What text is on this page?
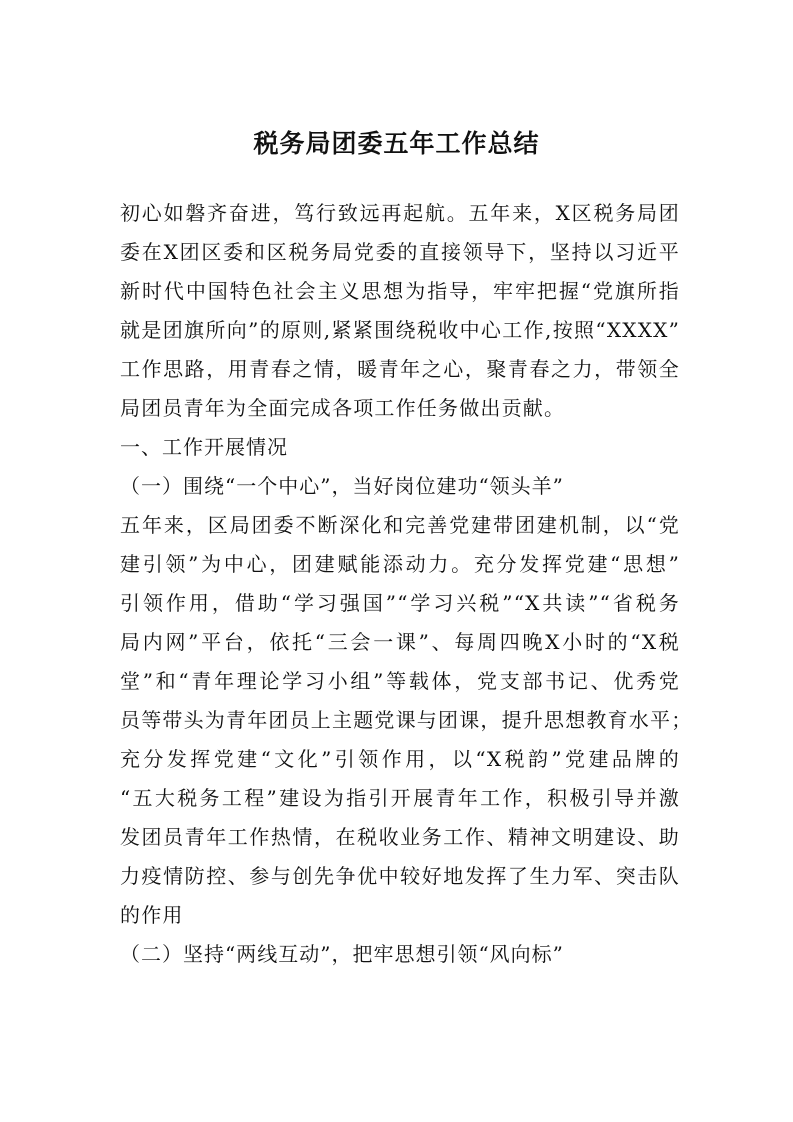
税务局团委五年工作总结
初心如磐齐奋进，笃行致远再起航。五年来，X区税务局团
委在X团区委和区税务局党委的直接领导下，坚持以习近平
新时代中国特色社会主义思想为指导，牢牢把握“党旗所指
就是团旗所向”的原则,紧紧围绕税收中心工作,按照“XXXX”
工作思路，用青春之情，暖青年之心，聚青春之力，带领全
局团员青年为全面完成各项工作任务做出贡献。
一、工作开展情况
（一）围绕“一个中心”，当好岗位建功“领头羊”
五年来，区局团委不断深化和完善党建带团建机制，以“党
建引领”为中心，团建赋能添动力。充分发挥党建“思想”
引领作用，借助“学习强国”“学习兴税”“X共读”“省税务
局内网”平台，依托“三会一课”、每周四晚X小时的“X税
堂”和“青年理论学习小组”等载体，党支部书记、优秀党
员等带头为青年团员上主题党课与团课，提升思想教育水平；
充分发挥党建“文化”引领作用，以“X税韵”党建品牌的
“五大税务工程”建设为指引开展青年工作，积极引导并激
发团员青年工作热情，在税收业务工作、精神文明建设、助
力疫情防控、参与创先争优中较好地发挥了生力军、突击队
的作用
（二）坚持“两线互动”，把牢思想引领“风向标”
